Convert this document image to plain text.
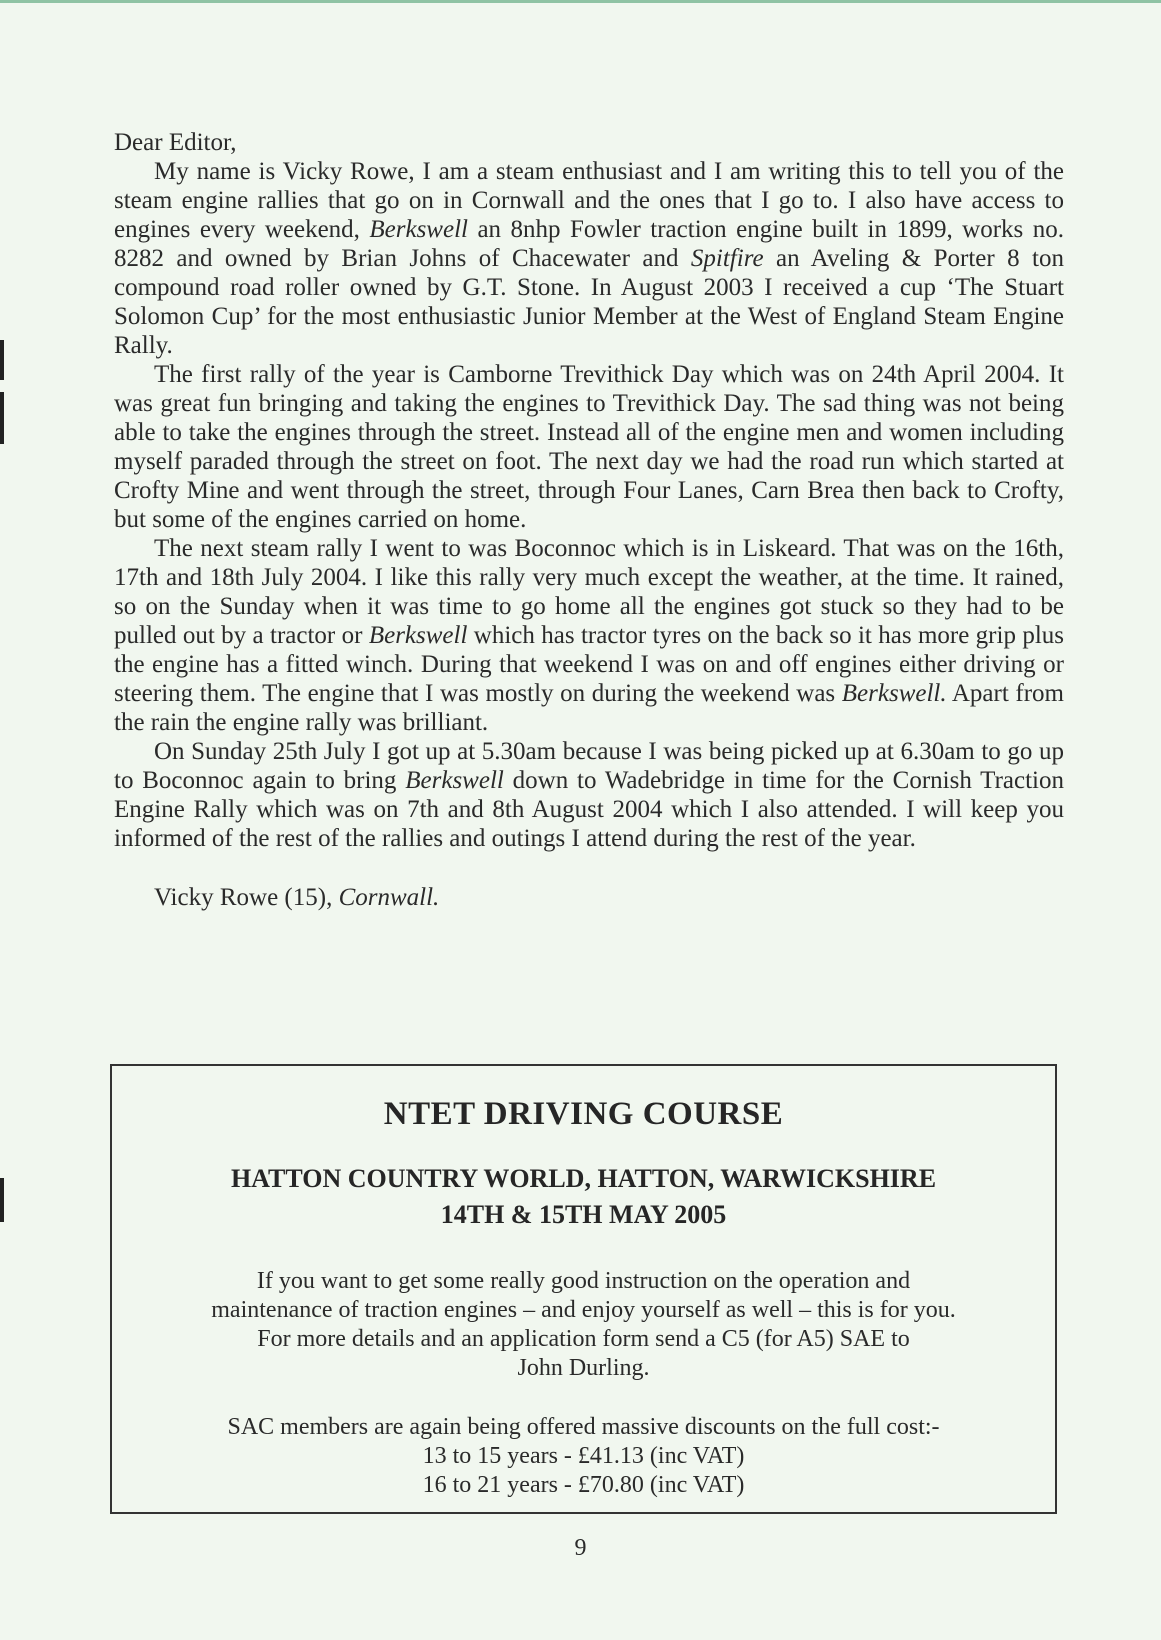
Dear Editor,

My name is Vicky Rowe, I am a steam enthusiast and I am writing this to tell you of the steam engine rallies that go on in Cornwall and the ones that I go to. I also have access to engines every weekend, Berkswell an 8nhp Fowler traction engine built in 1899, works no. 8282 and owned by Brian Johns of Chacewater and Spitfire an Aveling & Porter 8 ton compound road roller owned by G.T. Stone. In August 2003 I received a cup ‘The Stuart Solomon Cup’ for the most enthusiastic Junior Member at the West of England Steam Engine Rally.

The first rally of the year is Camborne Trevithick Day which was on 24th April 2004. It was great fun bringing and taking the engines to Trevithick Day. The sad thing was not being able to take the engines through the street. Instead all of the engine men and women including myself paraded through the street on foot. The next day we had the road run which started at Crofty Mine and went through the street, through Four Lanes, Carn Brea then back to Crofty, but some of the engines carried on home.

The next steam rally I went to was Boconnoc which is in Liskeard. That was on the 16th, 17th and 18th July 2004. I like this rally very much except the weather, at the time. It rained, so on the Sunday when it was time to go home all the engines got stuck so they had to be pulled out by a tractor or Berkswell which has tractor tyres on the back so it has more grip plus the engine has a fitted winch. During that weekend I was on and off engines either driving or steering them. The engine that I was mostly on during the weekend was Berkswell. Apart from the rain the engine rally was brilliant.

On Sunday 25th July I got up at 5.30am because I was being picked up at 6.30am to go up to Boconnoc again to bring Berkswell down to Wadebridge in time for the Cornish Traction Engine Rally which was on 7th and 8th August 2004 which I also attended. I will keep you informed of the rest of the rallies and outings I attend during the rest of the year.

Vicky Rowe (15), Cornwall.

NTET DRIVING COURSE
HATTON COUNTRY WORLD, HATTON, WARWICKSHIRE
14TH & 15TH MAY 2005
If you want to get some really good instruction on the operation and
maintenance of traction engines – and enjoy yourself as well – this is for you.
For more details and an application form send a C5 (for A5) SAE to
John Durling.
SAC members are again being offered massive discounts on the full cost:-
13 to 15 years - £41.13 (inc VAT)
16 to 21 years - £70.80 (inc VAT)
9
